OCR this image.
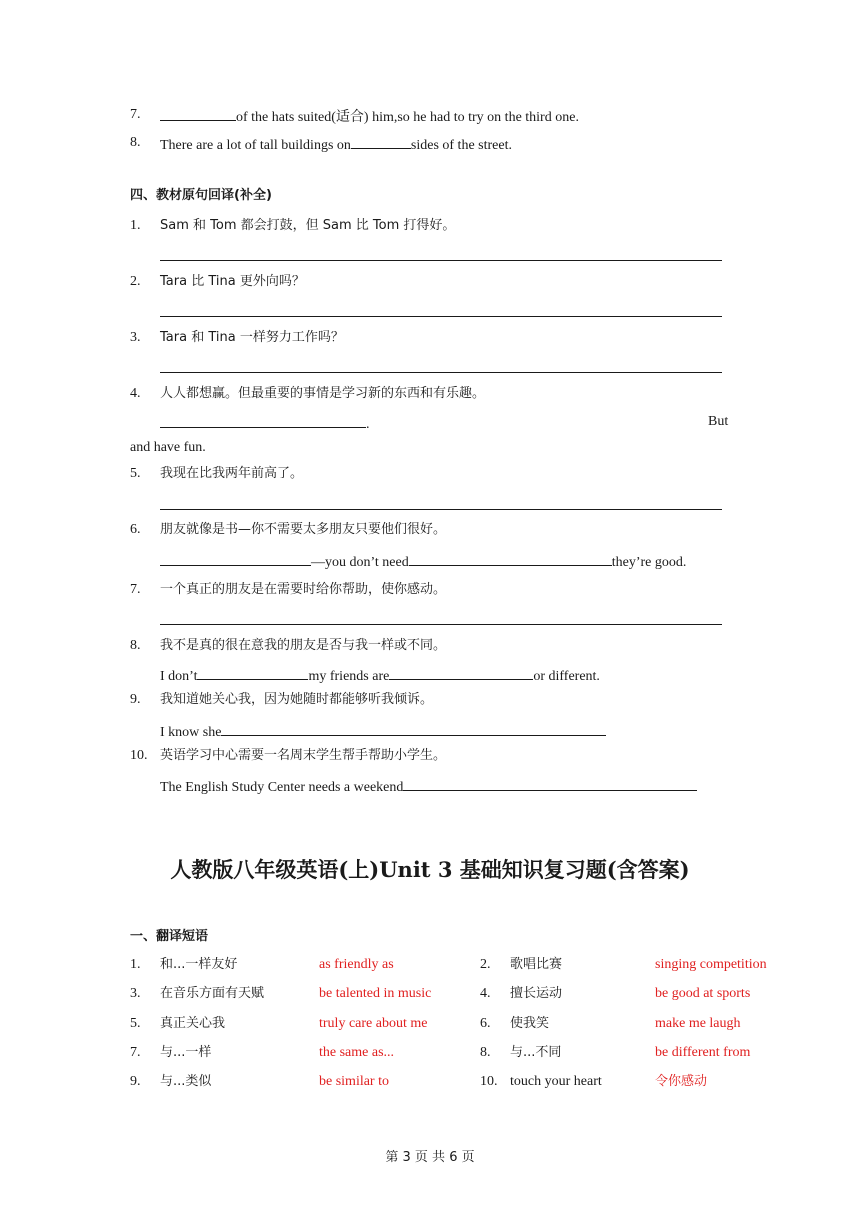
7.	of the hats suited(适合) him,so he had to try on the third one.
8. There are a lot of tall buildings on	sides of the street.
四、教材原句回译(补全)
1. Sam 和 Tom 都会打鼓，但 Sam 比 Tom 打得好。
2. Tara 比 Tina 更外向吗？
3. Tara 和 Tina 一样努力工作吗？
4. 人人都想赢。但最重要的事情是学习新的东西和有乐趣。
.	But
and have fun.
5. 我现在比我两年前高了。
6. 朋友就像是书—你不需要太多朋友只要他们很好。
—you don’t need	they’re good.
7. 一个真正的朋友是在需要时给你帮助，使你感动。
8. 我不是真的很在意我的朋友是否与我一样或不同。
I don’t	my friends are	or different.
9. 我知道她关心我，因为她随时都能够听我倾诉。
I know she
10. 英语学习中心需要一名周末学生帮手帮助小学生。
The English Study Center needs a weekend
人教版八年级英语(上)Unit 3 基础知识复习题(含答案)
一、翻译短语
1. 和...一样友好	as friendly as	2. 歌唱比赛	singing competition
3. 在音乐方面有天赋	be talented in music	4. 擅长运动	be good at sports
5. 真正关心我	truly care about me	6. 使我笑	make me laugh
7. 与...一样	the same as...	8. 与...不同	be different from
9. 与...类似	be similar to	10. touch your heart	令你感动
第 3 页 共 6 页
